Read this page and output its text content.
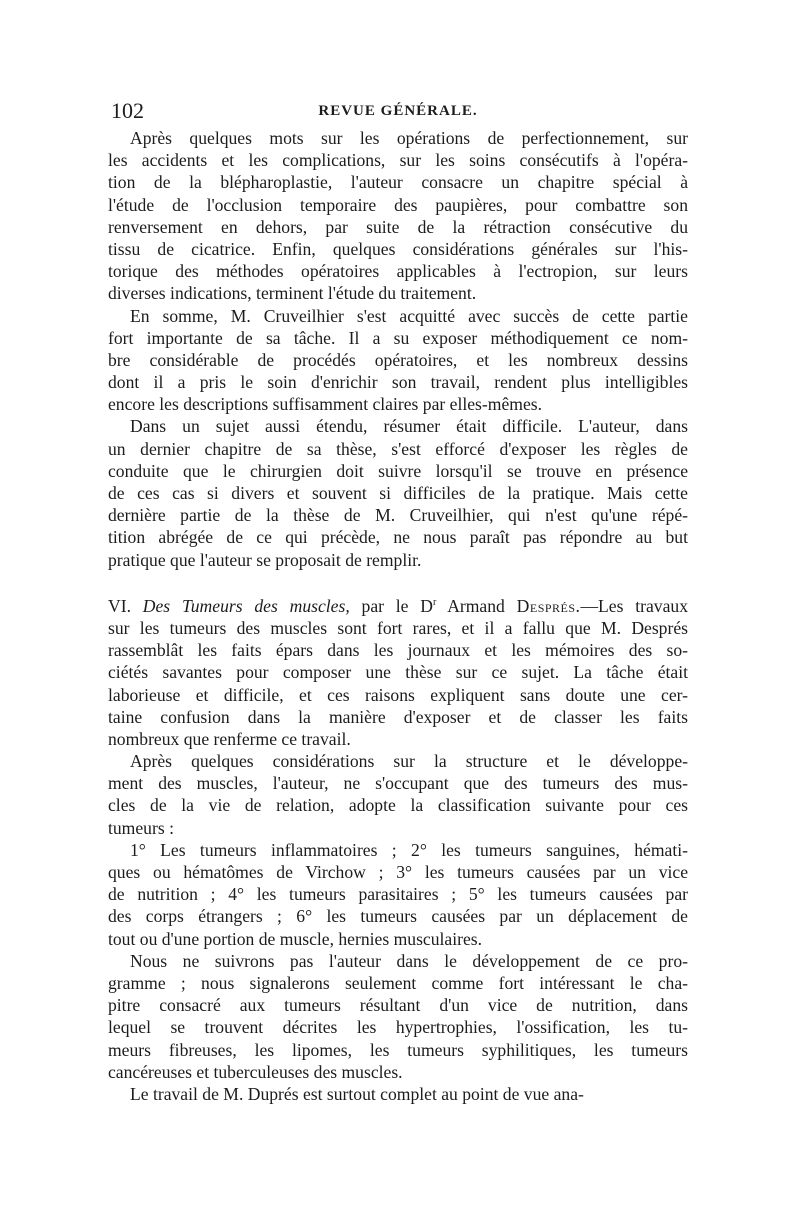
102	REVUE GÉNÉRALE.
Après quelques mots sur les opérations de perfectionnement, sur
les accidents et les complications, sur les soins consécutifs à l'opéra-
tion de la blépharoplastie, l'auteur consacre un chapitre spécial à
l'étude de l'occlusion temporaire des paupières, pour combattre son
renversement en dehors, par suite de la rétraction consécutive du
tissu de cicatrice. Enfin, quelques considérations générales sur l'his-
torique des méthodes opératoires applicables à l'ectropion, sur leurs
diverses indications, terminent l'étude du traitement.
En somme, M. Cruveilhier s'est acquitté avec succès de cette partie
fort importante de sa tâche. Il a su exposer méthodiquement ce nom-
bre considérable de procédés opératoires, et les nombreux dessins
dont il a pris le soin d'enrichir son travail, rendent plus intelligibles
encore les descriptions suffisamment claires par elles-mêmes.
Dans un sujet aussi étendu, résumer était difficile. L'auteur, dans
un dernier chapitre de sa thèse, s'est efforcé d'exposer les règles de
conduite que le chirurgien doit suivre lorsqu'il se trouve en présence
de ces cas si divers et souvent si difficiles de la pratique. Mais cette
dernière partie de la thèse de M. Cruveilhier, qui n'est qu'une répé-
tition abrégée de ce qui précède, ne nous paraît pas répondre au but
pratique que l'auteur se proposait de remplir.
VI. Des Tumeurs des muscles, par le $D^r$ Armand Després.—Les travaux
sur les tumeurs des muscles sont fort rares, et il a fallu que M. Després
rassemblât les faits épars dans les journaux et les mémoires des so-
ciétés savantes pour composer une thèse sur ce sujet. La tâche était
laborieuse et difficile, et ces raisons expliquent sans doute une cer-
taine confusion dans la manière d'exposer et de classer les faits
nombreux que renferme ce travail.
Après quelques considérations sur la structure et le développe-
ment des muscles, l'auteur, ne s'occupant que des tumeurs des mus-
cles de la vie de relation, adopte la classification suivante pour ces
tumeurs :
1° Les tumeurs inflammatoires ; 2° les tumeurs sanguines, hémati-
ques ou hématômes de Virchow ; 3° les tumeurs causées par un vice
de nutrition ; 4° les tumeurs parasitaires ; 5° les tumeurs causées par
des corps étrangers ; 6° les tumeurs causées par un déplacement de
tout ou d'une portion de muscle, hernies musculaires.
Nous ne suivrons pas l'auteur dans le développement de ce pro-
gramme ; nous signalerons seulement comme fort intéressant le cha-
pitre consacré aux tumeurs résultant d'un vice de nutrition, dans
lequel se trouvent décrites les hypertrophies, l'ossification, les tu-
meurs fibreuses, les lipomes, les tumeurs syphilitiques, les tumeurs
cancéreuses et tuberculeuses des muscles.
Le travail de M. Duprés est surtout complet au point de vue ana-
